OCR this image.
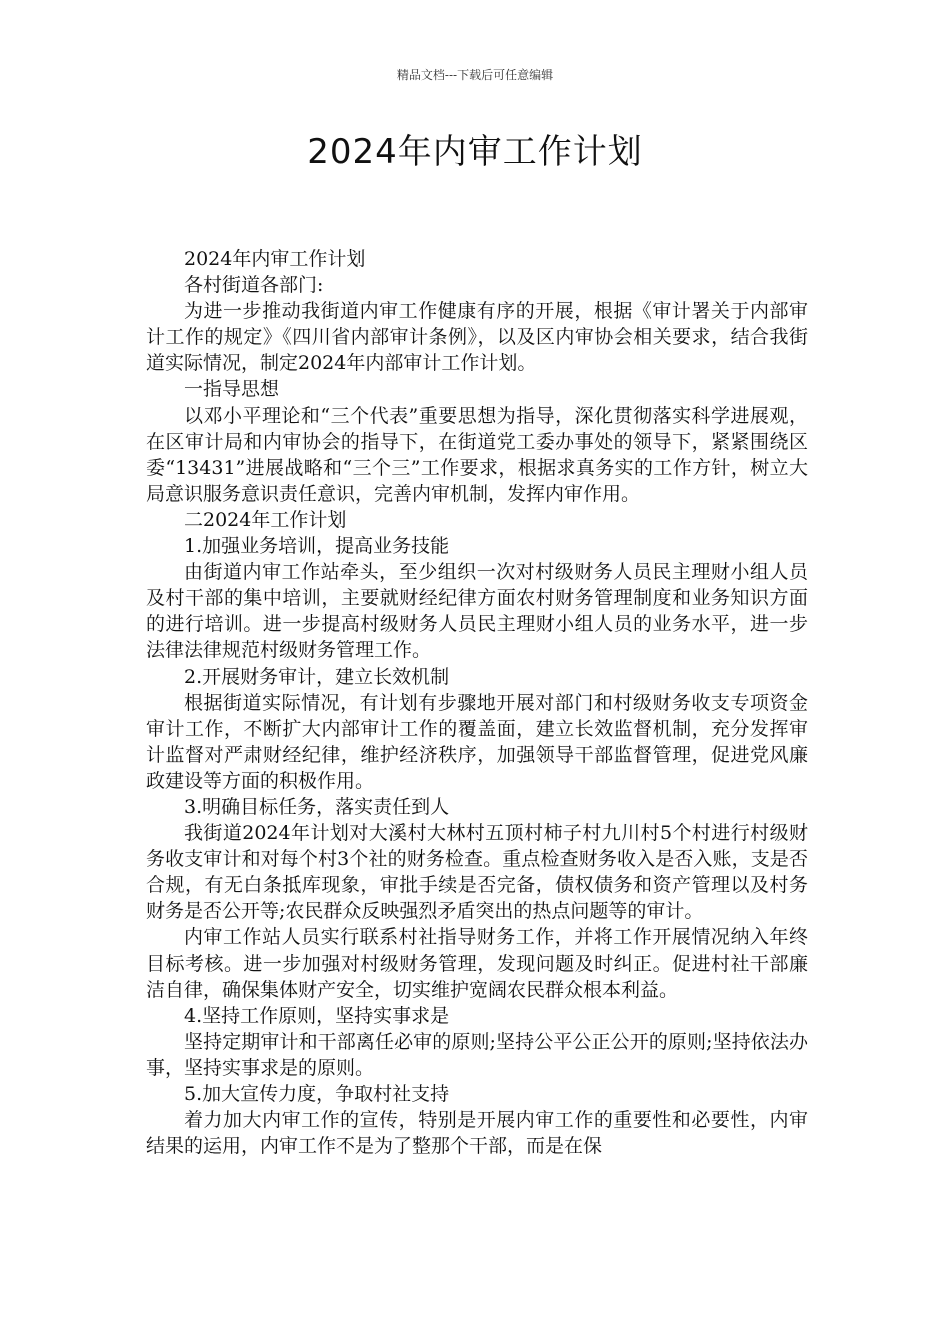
精品文档---下载后可任意编辑
2024年内审工作计划

2024年内审工作计划

各村街道各部门:

为进一步推动我街道内审工作健康有序的开展，根据《审计署关于内部审计工作的规定》《四川省内部审计条例》，以及区内审协会相关要求，结合我街道实际情况，制定2024年内部审计工作计划。

一指导思想

以邓小平理论和“三个代表”重要思想为指导，深化贯彻落实科学进展观，在区审计局和内审协会的指导下，在街道党工委办事处的领导下，紧紧围绕区委“13431”进展战略和“三个三”工作要求，根据求真务实的工作方针，树立大局意识服务意识责任意识，完善内审机制，发挥内审作用。

二2024年工作计划

1.加强业务培训，提高业务技能

由街道内审工作站牵头，至少组织一次对村级财务人员民主理财小组人员及村干部的集中培训，主要就财经纪律方面农村财务管理制度和业务知识方面的进行培训。进一步提高村级财务人员民主理财小组人员的业务水平，进一步法律法律规范村级财务管理工作。

2.开展财务审计，建立长效机制

根据街道实际情况，有计划有步骤地开展对部门和村级财务收支专项资金审计工作，不断扩大内部审计工作的覆盖面，建立长效监督机制，充分发挥审计监督对严肃财经纪律，维护经济秩序，加强领导干部监督管理，促进党风廉政建设等方面的积极作用。

3.明确目标任务，落实责任到人

我街道2024年计划对大溪村大林村五顶村柿子村九川村5个村进行村级财务收支审计和对每个村3个社的财务检查。重点检查财务收入是否入账，支是否合规，有无白条抵库现象，审批手续是否完备，债权债务和资产管理以及村务财务是否公开等;农民群众反映强烈矛盾突出的热点问题等的审计。

内审工作站人员实行联系村社指导财务工作，并将工作开展情况纳入年终目标考核。进一步加强对村级财务管理，发现问题及时纠正。促进村社干部廉洁自律，确保集体财产安全，切实维护宽阔农民群众根本利益。

4.坚持工作原则，坚持实事求是

坚持定期审计和干部离任必审的原则;坚持公平公正公开的原则;坚持依法办事，坚持实事求是的原则。

5.加大宣传力度，争取村社支持

着力加大内审工作的宣传，特别是开展内审工作的重要性和必要性，内审结果的运用，内审工作不是为了整那个干部，而是在保
